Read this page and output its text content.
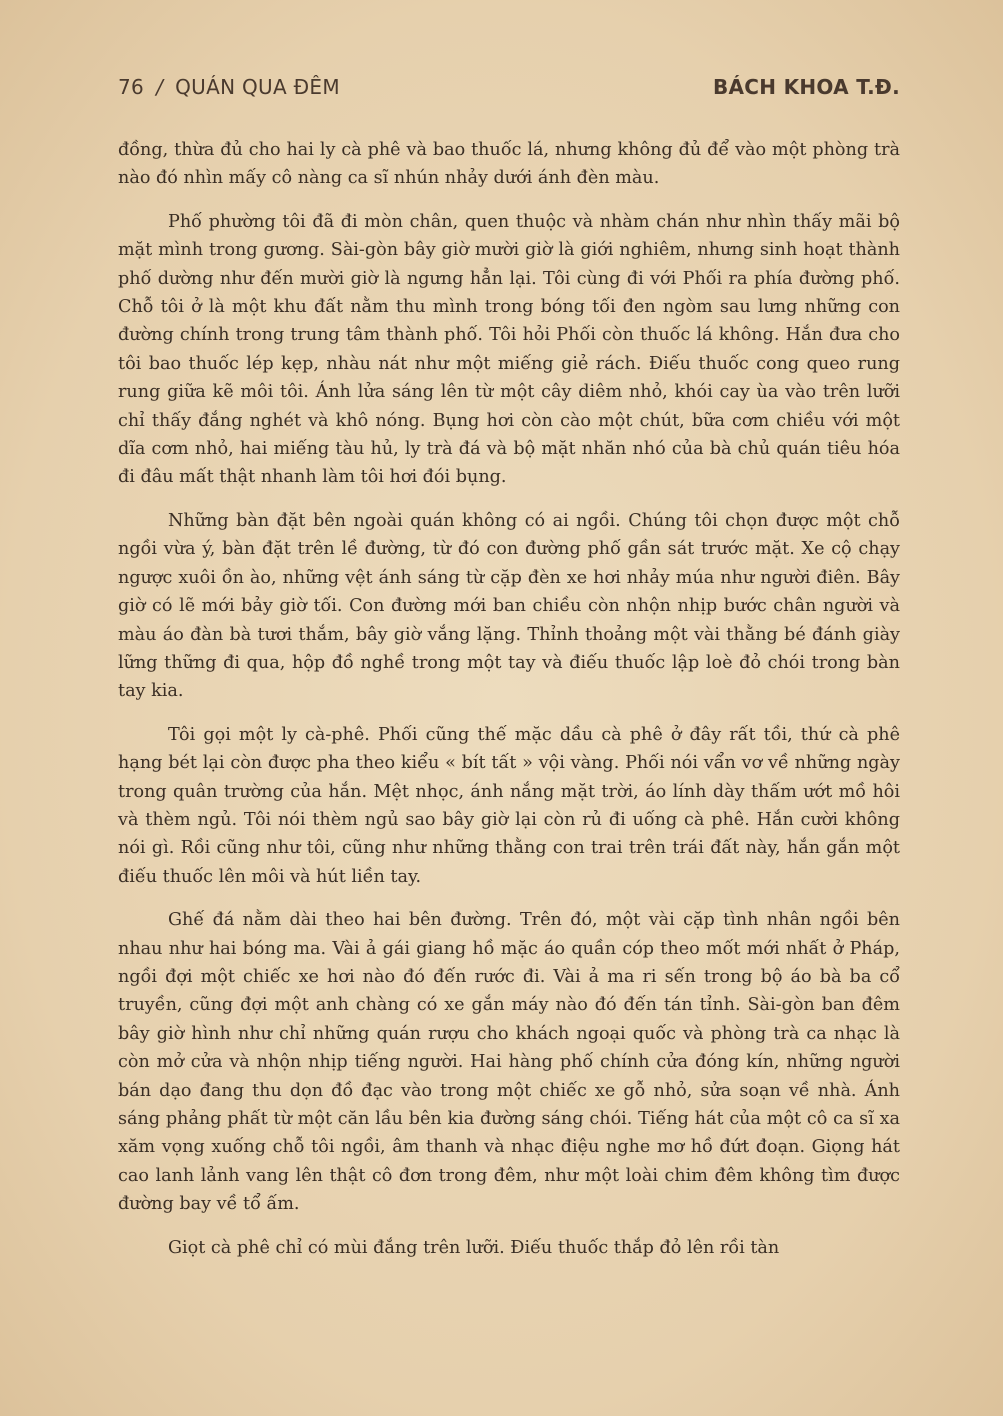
76 / QUÁN QUA ĐÊM	BÁCH KHOA T.Đ.

đồng, thừa đủ cho hai ly cà phê và bao thuốc lá, nhưng không đủ để vào một phòng trà nào đó nhìn mấy cô nàng ca sĩ nhún nhảy dưới ánh đèn màu.

Phố phường tôi đã đi mòn chân, quen thuộc và nhàm chán như nhìn thấy mãi bộ mặt mình trong gương. Sài-gòn bây giờ mười giờ là giới nghiêm, nhưng sinh hoạt thành phố dường như đến mười giờ là ngưng hẳn lại. Tôi cùng đi với Phối ra phía đường phố. Chỗ tôi ở là một khu đất nằm thu mình trong bóng tối đen ngòm sau lưng những con đường chính trong trung tâm thành phố. Tôi hỏi Phối còn thuốc lá không. Hắn đưa cho tôi bao thuốc lép kẹp, nhàu nát như một miếng giẻ rách. Điếu thuốc cong queo rung rung giữa kẽ môi tôi. Ánh lửa sáng lên từ một cây diêm nhỏ, khói cay ùa vào trên lưỡi chỉ thấy đắng nghét và khô nóng. Bụng hơi còn cào một chút, bữa cơm chiều với một dĩa cơm nhỏ, hai miếng tàu hủ, ly trà đá và bộ mặt nhăn nhó của bà chủ quán tiêu hóa đi đâu mất thật nhanh làm tôi hơi đói bụng.

Những bàn đặt bên ngoài quán không có ai ngồi. Chúng tôi chọn được một chỗ ngồi vừa ý, bàn đặt trên lề đường, từ đó con đường phố gần sát trước mặt. Xe cộ chạy ngược xuôi ồn ào, những vệt ánh sáng từ cặp đèn xe hơi nhảy múa như người điên. Bây giờ có lẽ mới bảy giờ tối. Con đường mới ban chiều còn nhộn nhịp bước chân người và màu áo đàn bà tươi thắm, bây giờ vắng lặng. Thỉnh thoảng một vài thằng bé đánh giày lững thững đi qua, hộp đồ nghề trong một tay và điếu thuốc lập loè đỏ chói trong bàn tay kia.

Tôi gọi một ly cà-phê. Phối cũng thế mặc dầu cà phê ở đây rất tồi, thứ cà phê hạng bét lại còn được pha theo kiểu « bít tất » vội vàng. Phối nói vẩn vơ về những ngày trong quân trường của hắn. Mệt nhọc, ánh nắng mặt trời, áo lính dày thấm ướt mồ hôi và thèm ngủ. Tôi nói thèm ngủ sao bây giờ lại còn rủ đi uống cà phê. Hắn cười không nói gì. Rồi cũng như tôi, cũng như những thằng con trai trên trái đất này, hắn gắn một điếu thuốc lên môi và hút liền tay.

Ghế đá nằm dài theo hai bên đường. Trên đó, một vài cặp tình nhân ngồi bên nhau như hai bóng ma. Vài ả gái giang hồ mặc áo quần cóp theo mốt mới nhất ở Pháp, ngồi đợi một chiếc xe hơi nào đó đến rước đi. Vài ả ma ri sến trong bộ áo bà ba cổ truyền, cũng đợi một anh chàng có xe gắn máy nào đó đến tán tỉnh. Sài-gòn ban đêm bây giờ hình như chỉ những quán rượu cho khách ngoại quốc và phòng trà ca nhạc là còn mở cửa và nhộn nhịp tiếng người. Hai hàng phố chính cửa đóng kín, những người bán dạo đang thu dọn đồ đạc vào trong một chiếc xe gỗ nhỏ, sửa soạn về nhà. Ánh sáng phảng phất từ một căn lầu bên kia đường sáng chói. Tiếng hát của một cô ca sĩ xa xăm vọng xuống chỗ tôi ngồi, âm thanh và nhạc điệu nghe mơ hồ đứt đoạn. Giọng hát cao lanh lảnh vang lên thật cô đơn trong đêm, như một loài chim đêm không tìm được đường bay về tổ ấm.

Giọt cà phê chỉ có mùi đắng trên lưỡi. Điếu thuốc thắp đỏ lên rồi tàn
